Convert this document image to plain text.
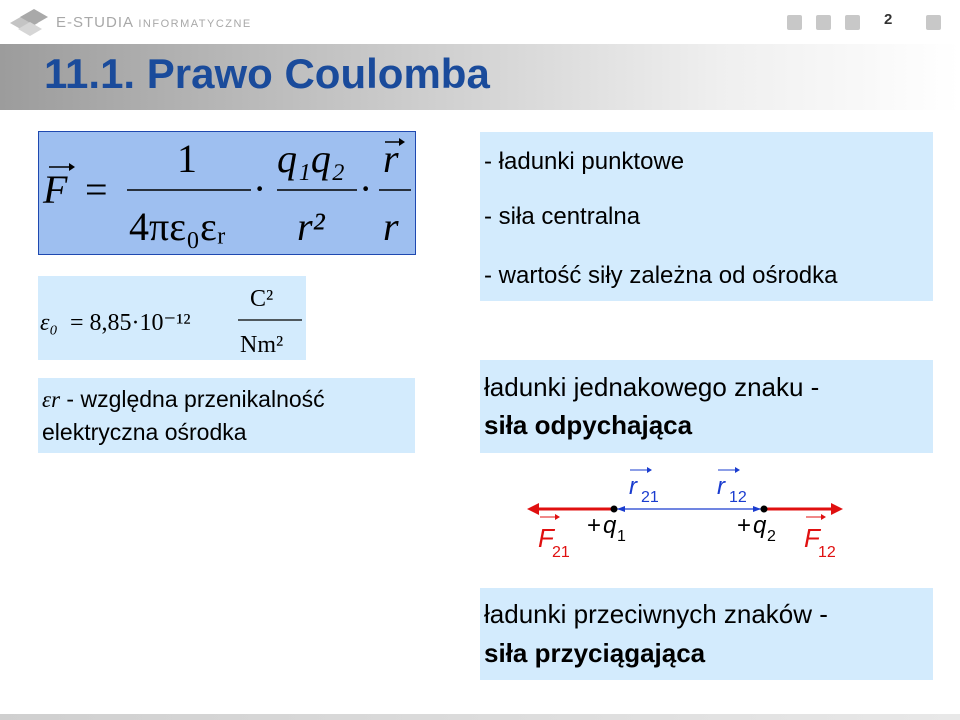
E-STUDIA INFORMATYCZNE	2
11.1. Prawo Coulomba
F =
1
4πε₀εᵣ
·
q₁q₂
r²
·
r
r
ε₀ = 8,85·10⁻¹²
C²
Nm²
εr - względna przenikalność
elektryczna ośrodka
- ładunki punktowe
- siła centralna
- wartość siły zależna od ośrodka
ładunki jednakowego znaku -
siła odpychająca
r 21 r 12
+ q 1	+ q 2
F
21	F
12
ładunki przeciwnych znaków -
siła przyciągająca
